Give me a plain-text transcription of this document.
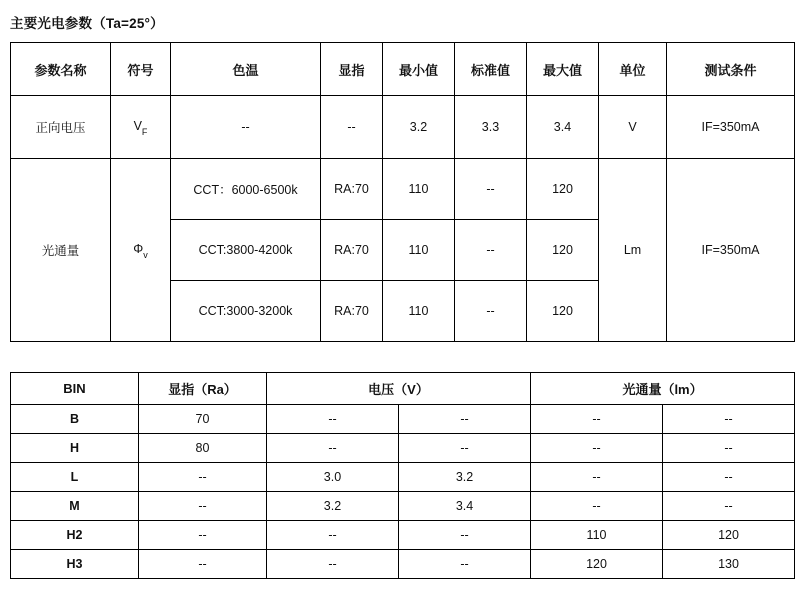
主要光电参数（Ta=25°）
参数名称	符号	色温	显指	最小值	标准值	最大值	单位	测试条件
正向电压	$V_F$	--	--	3.2	3.3	3.4	V	IF=350mA
光通量	$\Phi_v$	CCT：6000-6500k	RA:70	110	--	120	Lm	IF=350mA
		CCT:3800-4200k	RA:70	110	--	120		
		CCT:3000-3200k	RA:70	110	--	120		
BIN	显指（Ra）	电压（V）		光通量（lm）	
B	70	--	--	--	--
H	80	--	--	--	--
L	--	3.0	3.2	--	--
M	--	3.2	3.4	--	--
H2	--	--	--	110	120
H3	--	--	--	120	130
